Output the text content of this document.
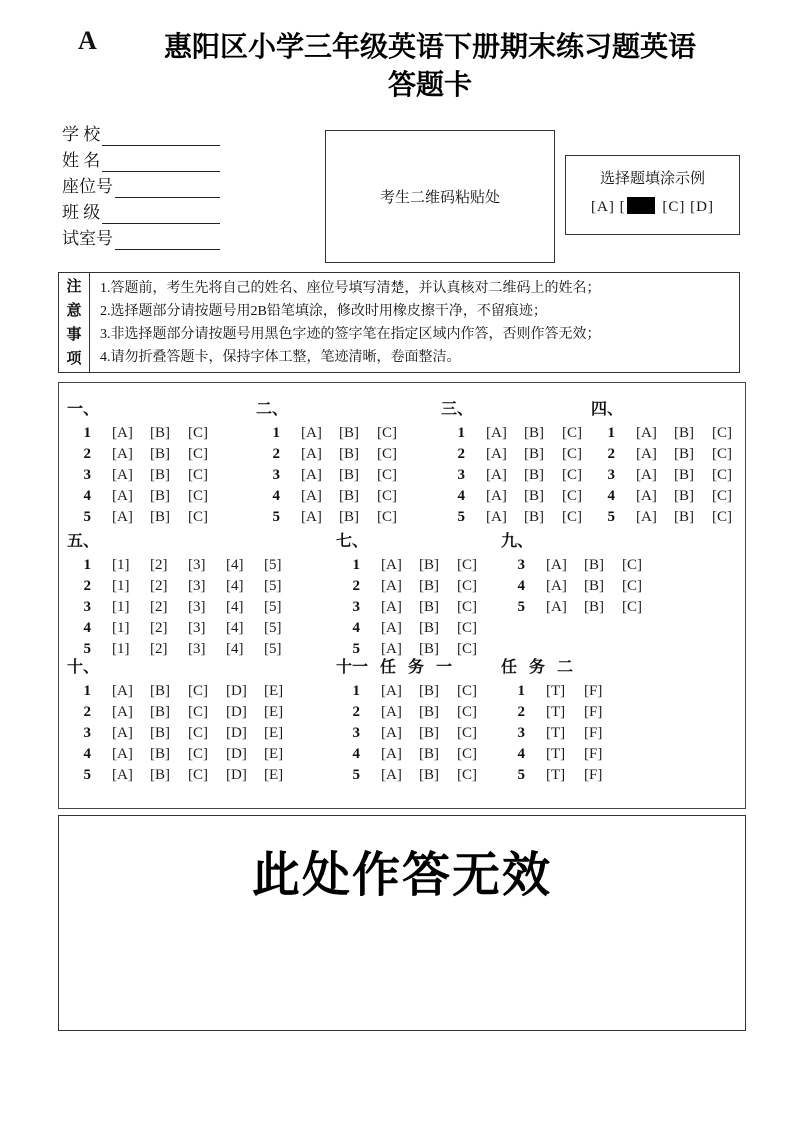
A	惠阳区小学三年级英语下册期末练习题英语
答题卡
学 校
姓 名
座位号
班 级
试室号
考生二维码粘贴处
选择题填涂示例
[A] [ [C] [D]
注
意
事
项
1.答题前，考生先将自己的姓名、座位号填写清楚，并认真核对二维码上的姓名；
2.选择题部分请按题号用2B铅笔填涂，修改时用橡皮擦干净，不留痕迹；
3.非选择题部分请按题号用黑色字迹的签字笔在指定区域内作答，否则作答无效；
4.请勿折叠答题卡，保持字体工整，笔迹清晰，卷面整洁。
一、
1 [A]	[B]	[C]
2 [A]	[B]	[C]
3 [A]	[B]	[C]
4 [A]	[B]	[C]
5 [A]	[B]	[C]
二、
1 [A]	[B]	[C]
2 [A]	[B]	[C]
3 [A]	[B]	[C]
4 [A]	[B]	[C]
5 [A]	[B]	[C]
三、
1 [A]	[B]	[C]
2 [A]	[B]	[C]
3 [A]	[B]	[C]
4 [A]	[B]	[C]
5 [A]	[B]	[C]
四、
1 [A]	[B]	[C]
2 [A]	[B]	[C]
3 [A]	[B]	[C]
4 [A]	[B]	[C]
5 [A]	[B]	[C]
五、
1 [1]	[2]	[3]	[4]	[5]
2 [1]	[2]	[3]	[4]	[5]
3 [1]	[2]	[3]	[4]	[5]
4 [1]	[2]	[3]	[4]	[5]
5 [1]	[2]	[3]	[4]	[5]
七、
1 [A]	[B]	[C]
2 [A]	[B]	[C]
3 [A]	[B]	[C]
4 [A]	[B]	[C]
5 [A]	[B]	[C]
九、
3 [A]	[B]	[C]
4 [A]	[B]	[C]
5 [A]	[B]	[C]
十、
1 [A]	[B]	[C]	[D]	[E]
2 [A]	[B]	[C]	[D]	[E]
3 [A]	[B]	[C]	[D]	[E]
4 [A]	[B]	[C]	[D]	[E]
5 [A]	[B]	[C]	[D]	[E]
十一 任 务 一
1 [A]	[B]	[C]
2 [A]	[B]	[C]
3 [A]	[B]	[C]
4 [A]	[B]	[C]
5 [A]	[B]	[C]
任 务 二
1 [T]	[F]
2 [T]	[F]
3 [T]	[F]
4 [T]	[F]
5 [T]	[F]
此处作答无效
